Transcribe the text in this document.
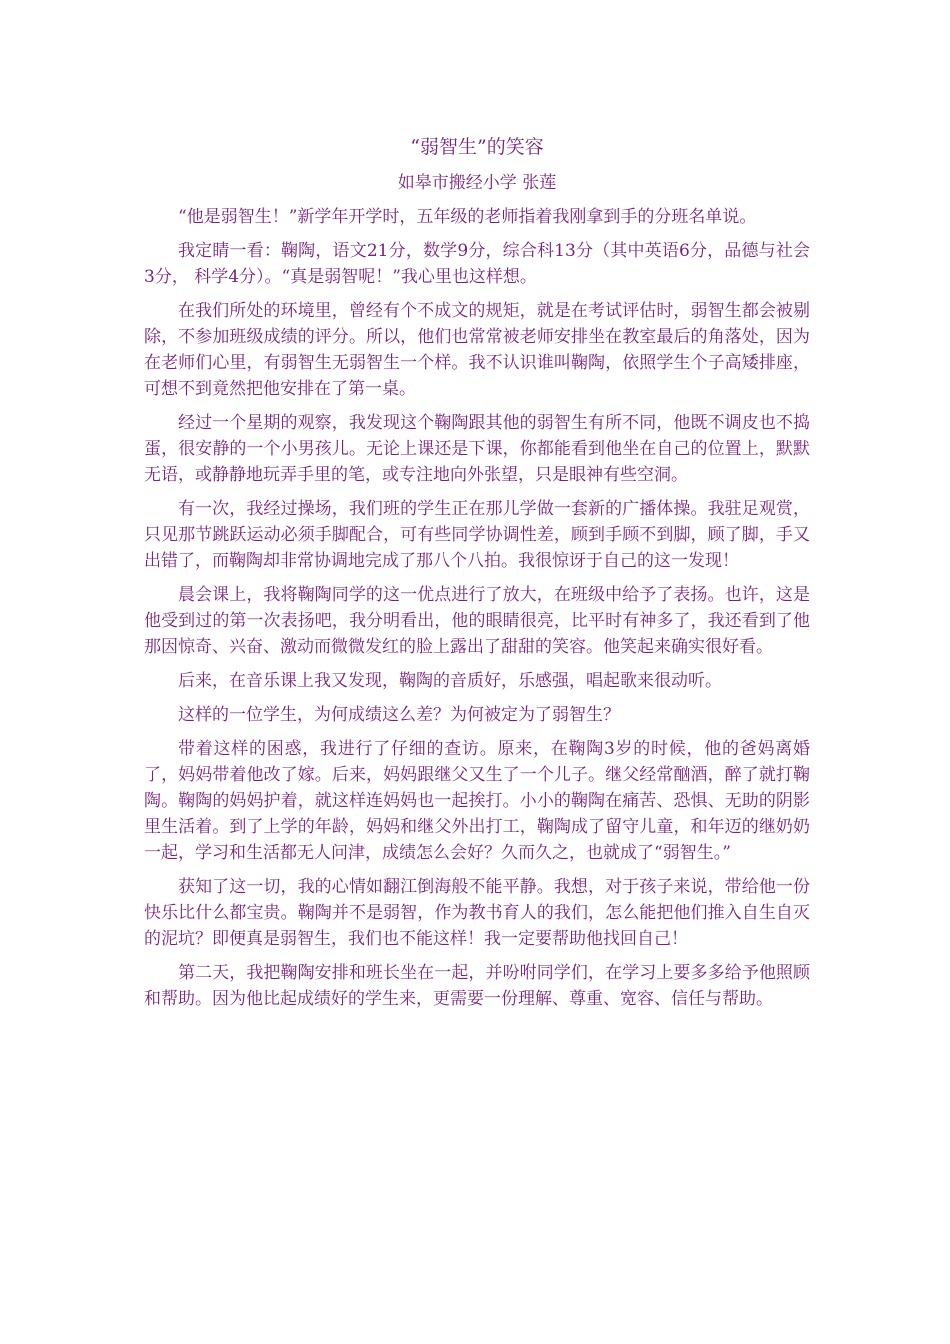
“弱智生”的笑容
如皋市搬经小学 张莲

“他是弱智生！”新学年开学时，五年级的老师指着我刚拿到手的分班名单说。

我定睛一看：鞠陶，语文21分，数学9分，综合科13分（其中英语6分，品德与社会3分， 科学4分）。“真是弱智呢！”我心里也这样想。

在我们所处的环境里，曾经有个不成文的规矩，就是在考试评估时，弱智生都会被剔除，不参加班级成绩的评分。所以，他们也常常被老师安排坐在教室最后的角落处，因为在老师们心里，有弱智生无弱智生一个样。我不认识谁叫鞠陶，依照学生个子高矮排座，可想不到竟然把他安排在了第一桌。

经过一个星期的观察，我发现这个鞠陶跟其他的弱智生有所不同，他既不调皮也不捣蛋，很安静的一个小男孩儿。无论上课还是下课，你都能看到他坐在自己的位置上，默默无语，或静静地玩弄手里的笔，或专注地向外张望，只是眼神有些空洞。

有一次，我经过操场，我们班的学生正在那儿学做一套新的广播体操。我驻足观赏，只见那节跳跃运动必须手脚配合，可有些同学协调性差，顾到手顾不到脚，顾了脚，手又出错了，而鞠陶却非常协调地完成了那八个八拍。我很惊讶于自己的这一发现！

晨会课上，我将鞠陶同学的这一优点进行了放大，在班级中给予了表扬。也许，这是他受到过的第一次表扬吧，我分明看出，他的眼睛很亮，比平时有神多了，我还看到了他那因惊奇、兴奋、激动而微微发红的脸上露出了甜甜的笑容。他笑起来确实很好看。

后来，在音乐课上我又发现，鞠陶的音质好，乐感强，唱起歌来很动听。

这样的一位学生，为何成绩这么差？为何被定为了弱智生？

带着这样的困惑，我进行了仔细的查访。原来，在鞠陶3岁的时候，他的爸妈离婚了，妈妈带着他改了嫁。后来，妈妈跟继父又生了一个儿子。继父经常酗酒，醉了就打鞠陶。鞠陶的妈妈护着，就这样连妈妈也一起挨打。小小的鞠陶在痛苦、恐惧、无助的阴影里生活着。到了上学的年龄，妈妈和继父外出打工，鞠陶成了留守儿童，和年迈的继奶奶一起，学习和生活都无人问津，成绩怎么会好？久而久之，也就成了“弱智生。”

获知了这一切，我的心情如翻江倒海般不能平静。我想，对于孩子来说，带给他一份快乐比什么都宝贵。鞠陶并不是弱智，作为教书育人的我们，怎么能把他们推入自生自灭的泥坑？即便真是弱智生，我们也不能这样！我一定要帮助他找回自己！

第二天，我把鞠陶安排和班长坐在一起，并吩咐同学们，在学习上要多多给予他照顾和帮助。因为他比起成绩好的学生来，更需要一份理解、尊重、宽容、信任与帮助。
